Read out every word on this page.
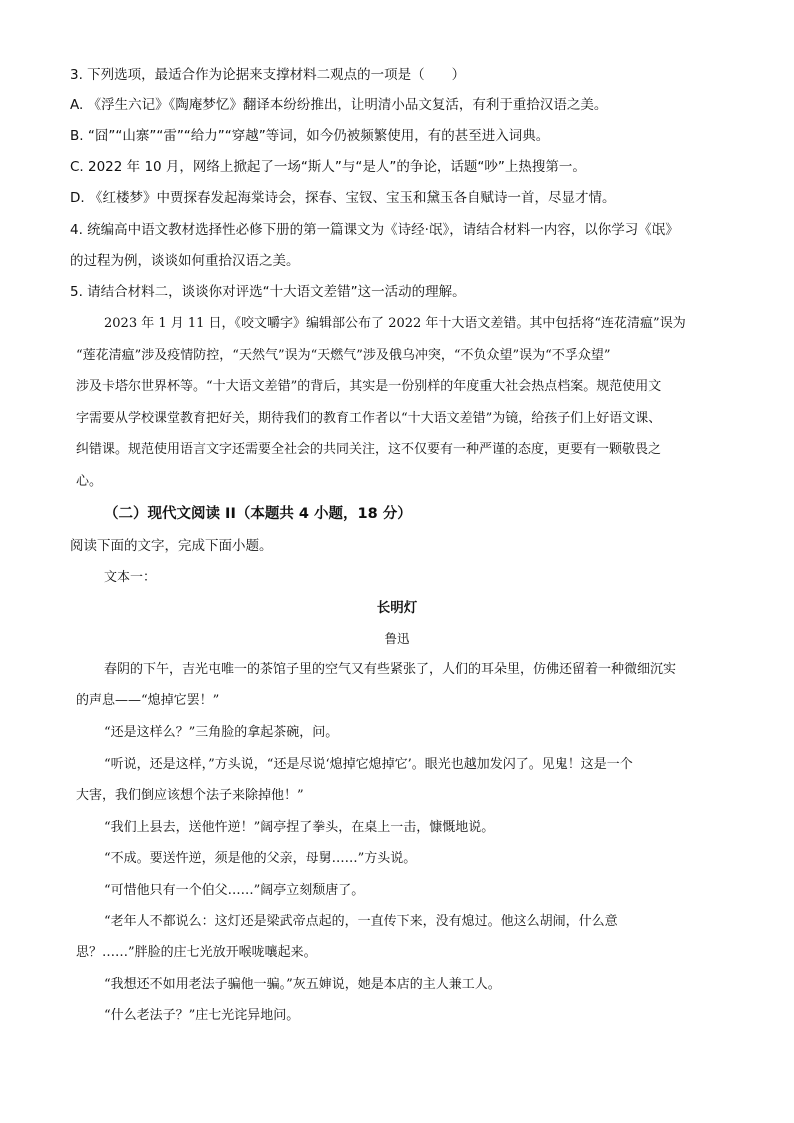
3. 下列选项，最适合作为论据来支撑材料二观点的一项是（　　）
A. 《浮生六记》《陶庵梦忆》翻译本纷纷推出，让明清小品文复活，有利于重拾汉语之美。
B. “囧”“山寨”“雷”“给力”“穿越”等词，如今仍被频繁使用，有的甚至进入词典。
C. 2022 年 10 月，网络上掀起了一场“斯人”与“是人”的争论，话题“吵”上热搜第一。
D. 《红楼梦》中贾探春发起海棠诗会，探春、宝钗、宝玉和黛玉各自赋诗一首，尽显才情。
4. 统编高中语文教材选择性必修下册的第一篇课文为《诗经·氓》，请结合材料一内容，以你学习《氓》
的过程为例，谈谈如何重拾汉语之美。
5. 请结合材料二，谈谈你对评选“十大语文差错”这一活动的理解。
2023 年 1 月 11 日，《咬文嚼字》编辑部公布了 2022 年十大语文差错。其中包括将“连花清瘟”误为
“莲花清瘟”涉及疫情防控，“天然气”误为“天燃气”涉及俄乌冲突，“不负众望”误为“不孚众望”
涉及卡塔尔世界杯等。“十大语文差错”的背后，其实是一份别样的年度重大社会热点档案。规范使用文
字需要从学校课堂教育把好关，期待我们的教育工作者以“十大语文差错”为镜，给孩子们上好语文课、
纠错课。规范使用语言文字还需要全社会的共同关注，这不仅要有一种严谨的态度，更要有一颗敬畏之
心。
（二）现代文阅读 II（本题共 4 小题，18 分）
阅读下面的文字，完成下面小题。
文本一：
长明灯
鲁迅
春阴的下午，吉光屯唯一的茶馆子里的空气又有些紧张了，人们的耳朵里，仿佛还留着一种微细沉实
的声息——“熄掉它罢！”
“还是这样么？”三角脸的拿起茶碗，问。
“听说，还是这样，”方头说，“还是尽说‘熄掉它熄掉它’。眼光也越加发闪了。见鬼！这是一个
大害，我们倒应该想个法子来除掉他！”
“我们上县去，送他忤逆！”阔亭捏了拳头，在桌上一击，慷慨地说。
“不成。要送忤逆，须是他的父亲，母舅……”方头说。
“可惜他只有一个伯父……”阔亭立刻颓唐了。
“老年人不都说么：这灯还是梁武帝点起的，一直传下来，没有熄过。他这么胡闹，什么意
思？……”胖脸的庄七光放开喉咙嚷起来。
“我想还不如用老法子骗他一骗。”灰五婶说，她是本店的主人兼工人。
“什么老法子？”庄七光诧异地问。
